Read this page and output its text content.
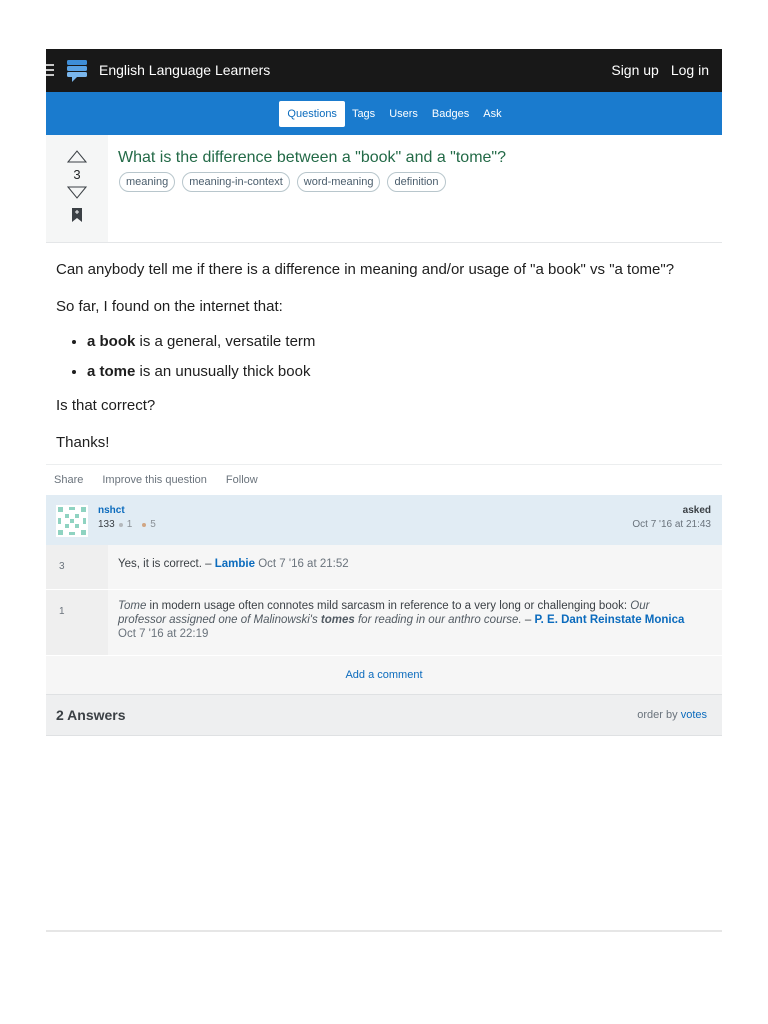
English Language Learners	Sign up Log in
Questions	Tags	Users	Badges	Ask
3
What is the difference between a "book" and a "tome"?
meaning	meaning-in-context	word-meaning	definition

Can anybody tell me if there is a difference in meaning and/or usage of "a book" vs "a tome"?

So far, I found on the internet that:

• a book is a general, versatile term
• a tome is an unusually thick book

Is that correct?

Thanks!

Share Improve this question Follow
nshct
133 1 5
asked
Oct 7 '16 at 21:43
3	Yes, it is correct. – Lambie Oct 7 '16 at 21:52
1	Tome in modern usage often connotes mild sarcasm in reference to a very long or challenging book: Our professor assigned one of Malinowski's tomes for reading in our anthro course. – P. E. Dant Reinstate Monica Oct 7 '16 at 22:19
Add a comment
2 Answers	order by votes
